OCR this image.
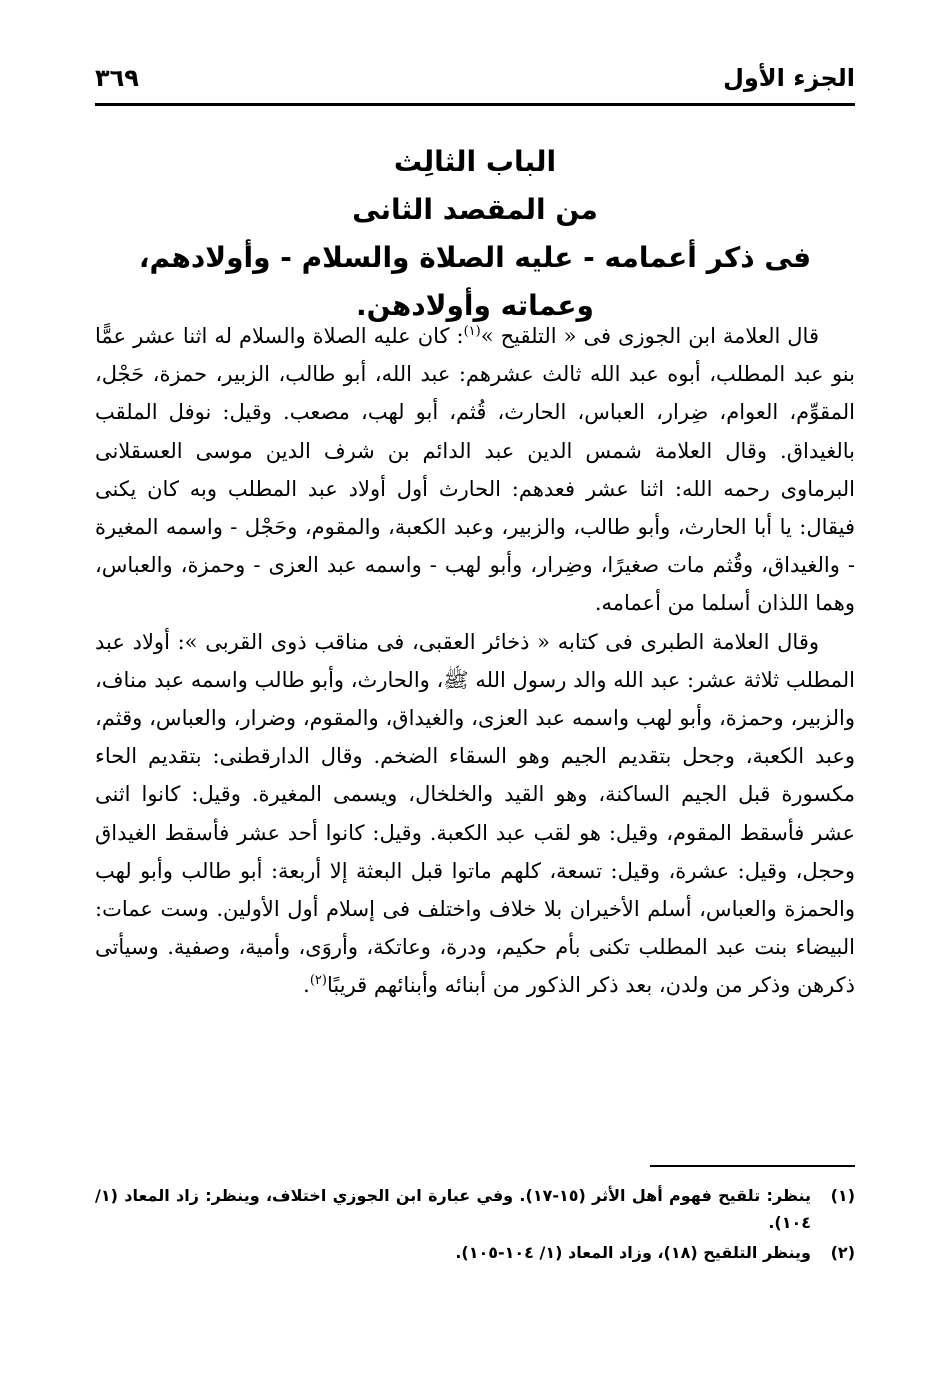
الجزء الأول
٣٦٩
الباب الثالِث
من المقصد الثانى
فى ذكر أعمامه - عليه الصلاة والسلام - وأولادهم،
وعماته وأولادهن.

قال العلامة ابن الجوزى فى « التلقيح »$^{(١)}$: كان عليه الصلاة والسلام له اثنا عشر عمًّا بنو عبد المطلب، أبوه عبد الله ثالث عشرهم: عبد الله، أبو طالب، الزبير، حمزة، حَجْل، المقوِّم، العوام، ضِرار، العباس، الحارث، قُثم، أبو لهب، مصعب. وقيل: نوفل الملقب بالغيداق. وقال العلامة شمس الدين عبد الدائم بن شرف الدين موسى العسقلانى البرماوى رحمه الله: اثنا عشر فعدهم: الحارث أول أولاد عبد المطلب وبه كان يكنى فيقال: يا أبا الحارث، وأبو طالب، والزبير، وعبد الكعبة، والمقوم، وحَجْل - واسمه المغيرة - والغيداق، وقُثم مات صغيرًا، وضِرار، وأبو لهب - واسمه عبد العزى - وحمزة، والعباس، وهما اللذان أسلما من أعمامه.

وقال العلامة الطبرى فى كتابه « ذخائر العقبى، فى مناقب ذوى القربى »: أولاد عبد المطلب ثلاثة عشر: عبد الله والد رسول الله ﷺ، والحارث، وأبو طالب واسمه عبد مناف، والزبير، وحمزة، وأبو لهب واسمه عبد العزى، والغيداق، والمقوم، وضرار، والعباس، وقثم، وعبد الكعبة، وجحل بتقديم الجيم وهو السقاء الضخم. وقال الدارقطنى: بتقديم الحاء مكسورة قبل الجيم الساكنة، وهو القيد والخلخال، ويسمى المغيرة. وقيل: كانوا اثنى عشر فأسقط المقوم، وقيل: هو لقب عبد الكعبة. وقيل: كانوا أحد عشر فأسقط الغيداق وحجل، وقيل: عشرة، وقيل: تسعة، كلهم ماتوا قبل البعثة إلا أربعة: أبو طالب وأبو لهب والحمزة والعباس، أسلم الأخيران بلا خلاف واختلف فى إسلام أول الأولين. وست عمات: البيضاء بنت عبد المطلب تكنى بأم حكيم، ودرة، وعاتكة، وأروَى، وأمية، وصفية. وسيأتى ذكرهن وذكر من ولدن، بعد ذكر الذكور من أبنائه وأبنائهم قريبًا$^{(٢)}$.

(١)
ينظر: تلقيح فهوم أهل الأثر (١٥-١٧). وفي عبارة ابن الجوزي اختلاف، وينظر: زاد المعاد (١/ ١٠٤).
(٢)
وينظر التلقيح (١٨)، وزاد المعاد (١/ ١٠٤-١٠٥).
